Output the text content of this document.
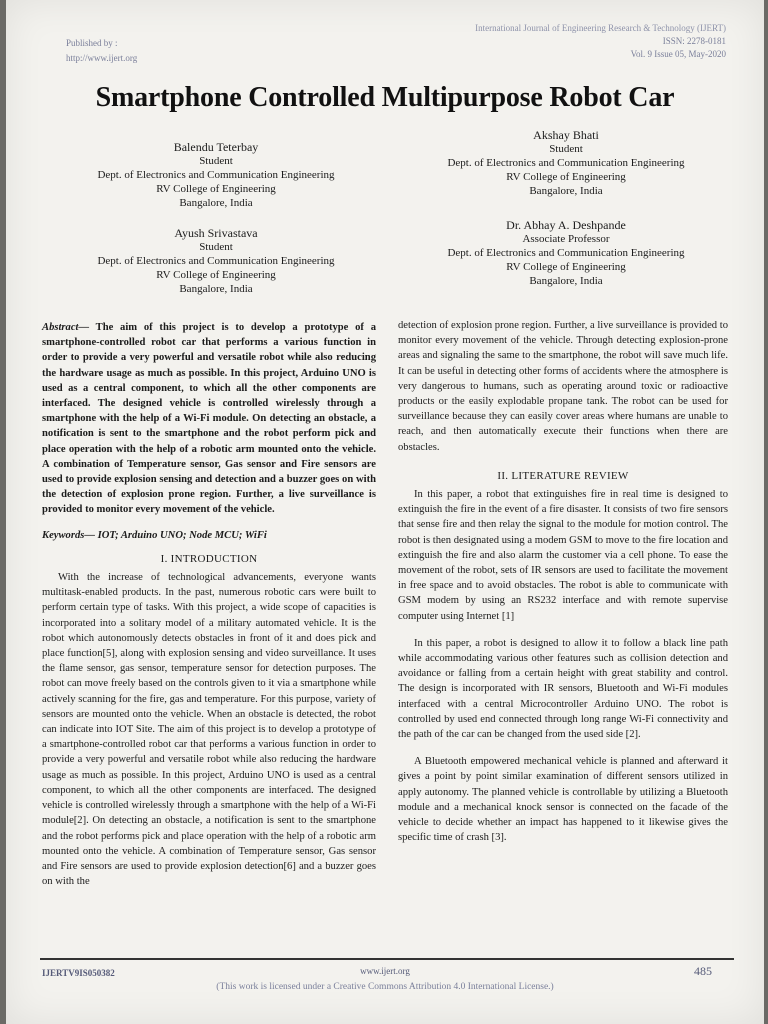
Published by :
http://www.ijert.org
International Journal of Engineering Research & Technology (IJERT)
ISSN: 2278-0181
Vol. 9 Issue 05, May-2020
Smartphone Controlled Multipurpose Robot Car
Balendu Teterbay
Student
Dept. of Electronics and Communication Engineering
RV College of Engineering
Bangalore, India
Ayush Srivastava
Student
Dept. of Electronics and Communication Engineering
RV College of Engineering
Bangalore, India
Akshay Bhati
Student
Dept. of Electronics and Communication Engineering
RV College of Engineering
Bangalore, India
Dr. Abhay A. Deshpande
Associate Professor
Dept. of Electronics and Communication Engineering
RV College of Engineering
Bangalore, India

Abstract— The aim of this project is to develop a prototype of a smartphone-controlled robot car that performs a various function in order to provide a very powerful and versatile robot while also reducing the hardware usage as much as possible. In this project, Arduino UNO is used as a central component, to which all the other components are interfaced. The designed vehicle is controlled wirelessly through a smartphone with the help of a Wi-Fi module. On detecting an obstacle, a notification is sent to the smartphone and the robot perform pick and place operation with the help of a robotic arm mounted onto the vehicle. A combination of Temperature sensor, Gas sensor and Fire sensors are used to provide explosion sensing and detection and a buzzer goes on with the detection of explosion prone region. Further, a live surveillance is provided to monitor every movement of the vehicle.

Keywords— IOT; Arduino UNO; Node MCU; WiFi

I. INTRODUCTION

With the increase of technological advancements, everyone wants multitask-enabled products. In the past, numerous robotic cars were built to perform certain type of tasks. With this project, a wide scope of capacities is incorporated into a solitary model of a military automated vehicle. It is the robot which autonomously detects obstacles in front of it and does pick and place function[5], along with explosion sensing and video surveillance. It uses the flame sensor, gas sensor, temperature sensor for detection purposes. The robot can move freely based on the controls given to it via a smartphone while actively scanning for the fire, gas and temperature. For this purpose, variety of sensors are mounted onto the vehicle. When an obstacle is detected, the robot can indicate into IOT Site. The aim of this project is to develop a prototype of a smartphone-controlled robot car that performs a various function in order to provide a very powerful and versatile robot while also reducing the hardware usage as much as possible. In this project, Arduino UNO is used as a central component, to which all the other components are interfaced. The designed vehicle is controlled wirelessly through a smartphone with the help of a Wi-Fi module[2]. On detecting an obstacle, a notification is sent to the smartphone and the robot performs pick and place operation with the help of a robotic arm mounted onto the vehicle. A combination of Temperature sensor, Gas sensor and Fire sensors are used to provide explosion detection[6] and a buzzer goes on with the

detection of explosion prone region. Further, a live surveillance is provided to monitor every movement of the vehicle. Through detecting explosion-prone areas and signaling the same to the smartphone, the robot will save much life. It can be useful in detecting other forms of accidents where the atmosphere is very dangerous to humans, such as operating around toxic or radioactive products or the easily explodable propane tank. The robot can be used for surveillance because they can easily cover areas where humans are unable to reach, and then automatically execute their functions when there are obstacles.

II. LITERATURE REVIEW

In this paper, a robot that extinguishes fire in real time is designed to extinguish the fire in the event of a fire disaster. It consists of two fire sensors that sense fire and then relay the signal to the module for motion control. The robot is then designated using a modem GSM to move to the fire location and extinguish the fire and also alarm the customer via a cell phone. To ease the movement of the robot, sets of IR sensors are used to facilitate the movement in free space and to avoid obstacles. The robot is able to communicate with GSM modem by using an RS232 interface and with remote supervise computer using Internet [1]

In this paper, a robot is designed to allow it to follow a black line path while accommodating various other features such as collision detection and avoidance or falling from a certain height with great stability and control. The design is incorporated with IR sensors, Bluetooth and Wi-Fi modules interfaced with a central Microcontroller Arduino UNO. The robot is controlled by used end connected through long range Wi-Fi connectivity and the path of the car can be changed from the used side [2].

A Bluetooth empowered mechanical vehicle is planned and afterward it gives a point by point similar examination of different sensors utilized in apply autonomy. The planned vehicle is controllable by utilizing a Bluetooth module and a mechanical knock sensor is connected on the facade of the vehicle to decide whether an impact has happened to it likewise gives the specific time of crash [3].

IJERTV9IS050382	www.ijert.org	485
(This work is licensed under a Creative Commons Attribution 4.0 International License.)
